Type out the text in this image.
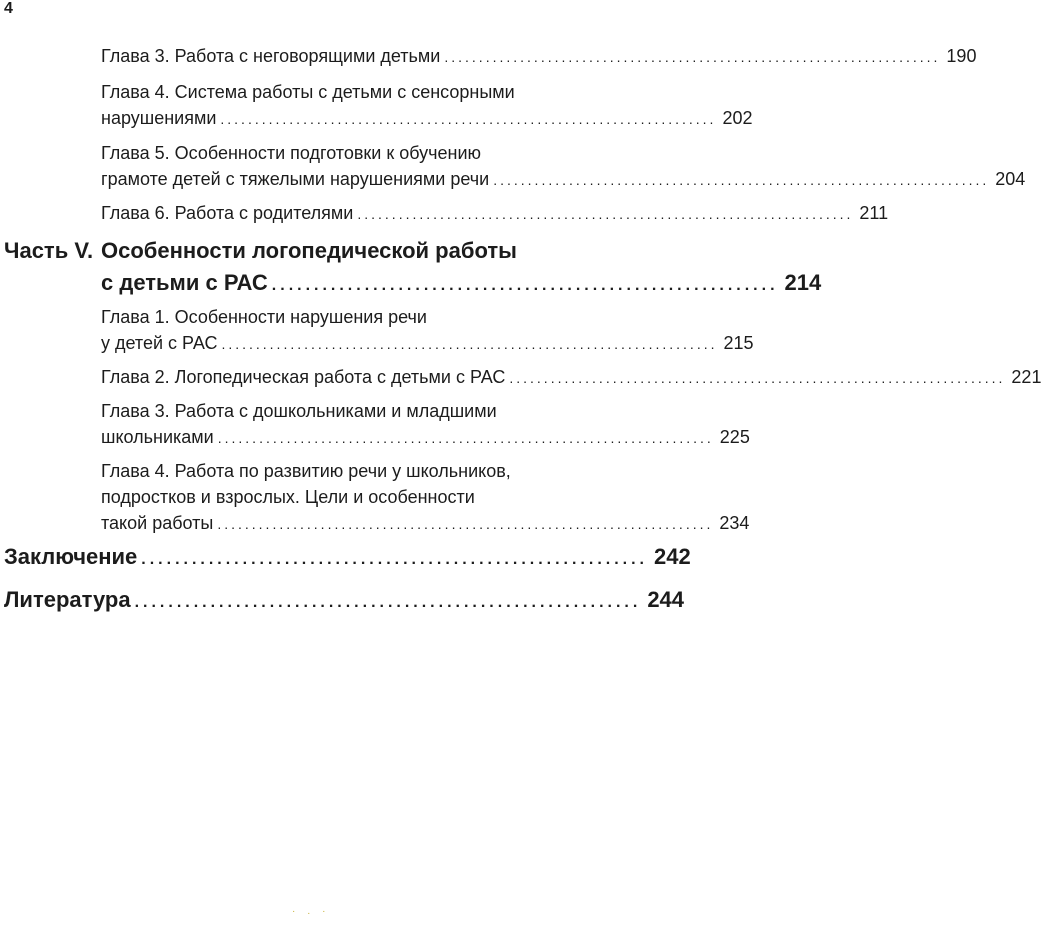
4
Глава 3. Работа с неговорящими детьми ........................................................................ 190
Глава 4. Система работы с детьми с сенсорными
нарушениями ........................................................................ 202
Глава 5. Особенности подготовки к обучению
грамоте детей с тяжелыми нарушениями речи ........................................................................ 204
Глава 6. Работа с родителями ........................................................................ 211
Часть V. Особенности логопедической работы
с детьми с РАС ............................................................ 214
Глава 1. Особенности нарушения речи
у детей с РАС ........................................................................ 215
Глава 2. Логопедическая работа с детьми с РАС ........................................................................ 221
Глава 3. Работа с дошкольниками и младшими
школьниками ........................................................................ 225
Глава 4. Работа по развитию речи у школьников,
подростков и взрослых. Цели и особенности
такой работы ........................................................................ 234
Заключение ............................................................ 242
Литература ............................................................ 244
·.·
